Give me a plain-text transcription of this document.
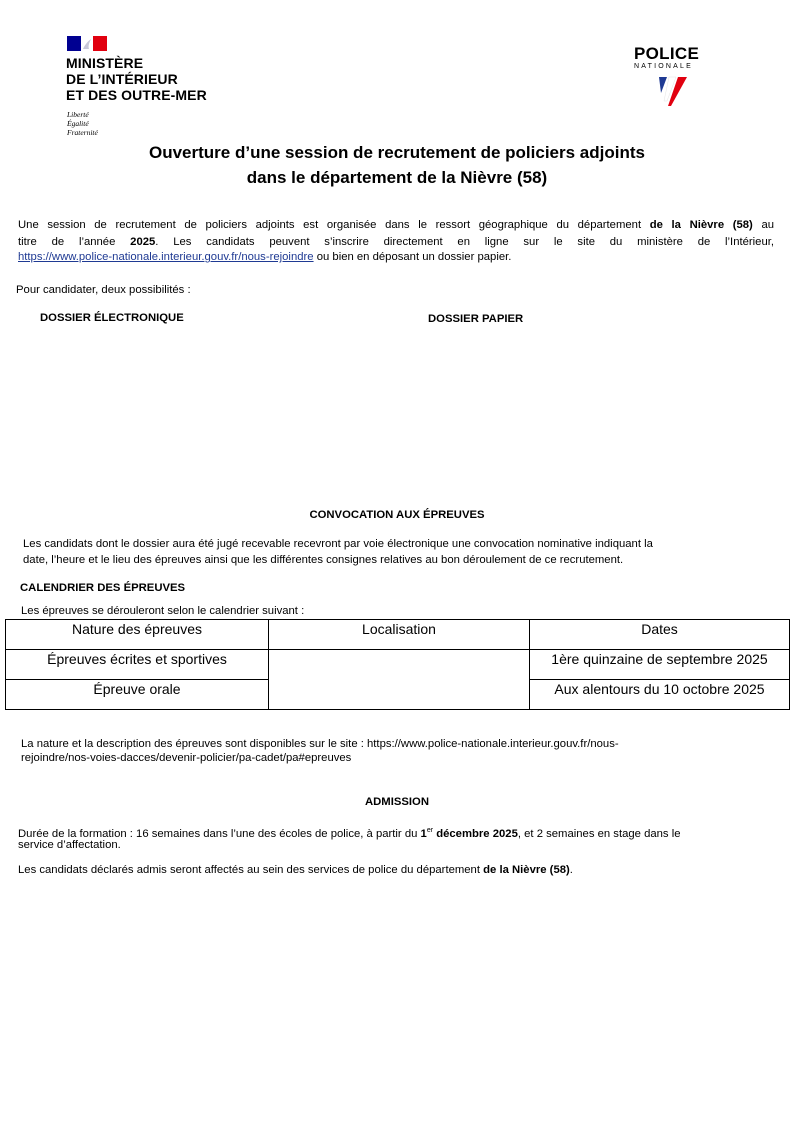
MINISTÈRE
DE L’INTÉRIEUR
ET DES OUTRE-MER
Liberté
Égalité
Fraternité
POLICE
NATIONALE
Ouverture d’une session de recrutement de policiers adjoints
dans le département de la Nièvre (58)
Une session de recrutement de policiers adjoints est organisée dans le ressort géographique du département de la Nièvre (58) au
titre de l’année 2025. Les candidats peuvent s’inscrire directement en ligne sur le site du ministère de l’Intérieur,
https://www.police-nationale.interieur.gouv.fr/nous-rejoindre ou bien en déposant un dossier papier.
Pour candidater, deux possibilités :
DOSSIER ÉLECTRONIQUE	DOSSIER PAPIER
CONVOCATION AUX ÉPREUVES
Les candidats dont le dossier aura été jugé recevable recevront par voie électronique une convocation nominative indiquant la
date, l’heure et le lieu des épreuves ainsi que les différentes consignes relatives au bon déroulement de ce recrutement.
CALENDRIER DES ÉPREUVES
Les épreuves se dérouleront selon le calendrier suivant :
Nature des épreuves	Localisation	Dates
Épreuves écrites et sportives		1ère quinzaine de septembre 2025
Épreuve orale		Aux alentours du 10 octobre 2025
La nature et la description des épreuves sont disponibles sur le site : https://www.police-nationale.interieur.gouv.fr/nous-
rejoindre/nos-voies-dacces/devenir-policier/pa-cadet/pa#epreuves
ADMISSION
Durée de la formation : 16 semaines dans l’une des écoles de police, à partir du 1er décembre 2025, et 2 semaines en stage dans le
service d’affectation.
Les candidats déclarés admis seront affectés au sein des services de police du département de la Nièvre (58).
